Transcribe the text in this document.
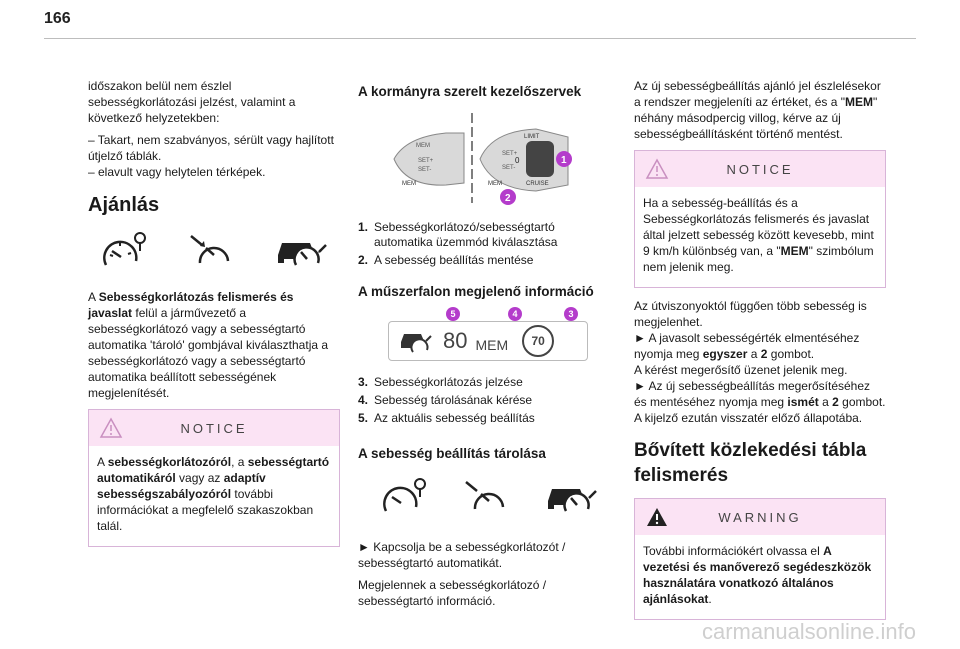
166

időszakon belül nem észlel sebességkorlátozási jelzést, valamint a következő helyzetekben:

– Takart, nem szabványos, sérült vagy hajlított útjelző táblák.

– elavult vagy helytelen térképek.

Ajánlás

A Sebességkorlátozás felismerés és javaslat felül a járművezető a sebességkorlátozó vagy a sebességtartó automatika 'tároló' gombjával kiválaszthatja a sebességkorlátozó vagy a sebességtartó automatika beállított sebességének megjelenítését.

NOTICE

A sebességkorlátozóról, a sebességtartó automatikáról vagy az adaptív sebességszabályozóról további információkat a megfelelő szakaszokban talál.

A kormányra szerelt kezelőszervek
MEM
SET+
SET-
MEM
LIMIT
CRUISE
SET+
SET-
0
MEM
1
2
1. Sebességkorlátozó/sebességtartó automatika üzemmód kiválasztása
2. A sebesség beállítás mentése
A műszerfalon megjelenő információ
5	4	3
80 MEM	70
3. Sebességkorlátozás jelzése
4. Sebesség tárolásának kérése
5. Az aktuális sebesség beállítás
A sebesség beállítás tárolása

► Kapcsolja be a sebességkorlátozót / sebességtartó automatikát.

Megjelennek a sebességkorlátozó / sebességtartó információ.

Az új sebességbeállítás ajánló jel észlelésekor a rendszer megjeleníti az értéket, és a "MEM" néhány másodpercig villog, kérve az új sebességbeállításként történő mentést.

NOTICE

Ha a sebesség-beállítás és a Sebességkorlátozás felismerés és javaslat által jelzett sebesség között kevesebb, mint 9 km/h különbség van, a "MEM" szimbólum nem jelenik meg.

Az útviszonyoktól függően több sebesség is megjelenhet.

► A javasolt sebességérték elmentéséhez nyomja meg egyszer a 2 gombot.

A kérést megerősítő üzenet jelenik meg.

► Az új sebességbeállítás megerősítéséhez és mentéséhez nyomja meg ismét a 2 gombot.

A kijelző ezután visszatér előző állapotába.

Bővített közlekedési tábla felismerés
WARNING

További információkért olvassa el A vezetési és manőverező segédeszközök használatára vonatkozó általános ajánlásokat.

carmanualsonline.info
